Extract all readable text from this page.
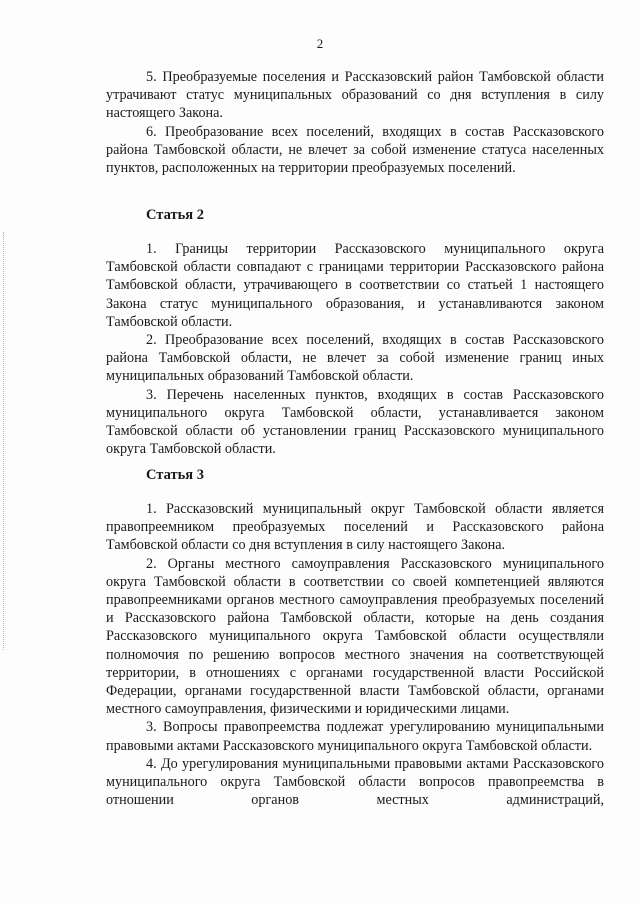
2

5. Преобразуемые поселения и Рассказовский район Тамбовской области утрачивают статус муниципальных образований со дня вступления в силу настоящего Закона.

6. Преобразование всех поселений, входящих в состав Рассказовского района Тамбовской области, не влечет за собой изменение статуса населенных пунктов, расположенных на территории преобразуемых поселений.

Статья 2

1. Границы территории Рассказовского муниципального округа Тамбовской области совпадают с границами территории Рассказовского района Тамбовской области, утрачивающего в соответствии со статьей 1 настоящего Закона статус муниципального образования, и устанавливаются законом Тамбовской области.

2. Преобразование всех поселений, входящих в состав Рассказовского района Тамбовской области, не влечет за собой изменение границ иных муниципальных образований Тамбовской области.

3. Перечень населенных пунктов, входящих в состав Рассказовского муниципального округа Тамбовской области, устанавливается законом Тамбовской области об установлении границ Рассказовского муниципального округа Тамбовской области.

Статья 3

1. Рассказовский муниципальный округ Тамбовской области является правопреемником преобразуемых поселений и Рассказовского района Тамбовской области со дня вступления в силу настоящего Закона.

2. Органы местного самоуправления Рассказовского муниципального округа Тамбовской области в соответствии со своей компетенцией являются правопреемниками органов местного самоуправления преобразуемых поселений и Рассказовского района Тамбовской области, которые на день создания Рассказовского муниципального округа Тамбовской области осуществляли полномочия по решению вопросов местного значения на соответствующей территории, в отношениях с органами государственной власти Российской Федерации, органами государственной власти Тамбовской области, органами местного самоуправления, физическими и юридическими лицами.

3. Вопросы правопреемства подлежат урегулированию муниципальными правовыми актами Рассказовского муниципального округа Тамбовской области.

4. До урегулирования муниципальными правовыми актами Рассказовского муниципального округа Тамбовской области вопросов правопреемства в отношении органов местных администраций,
